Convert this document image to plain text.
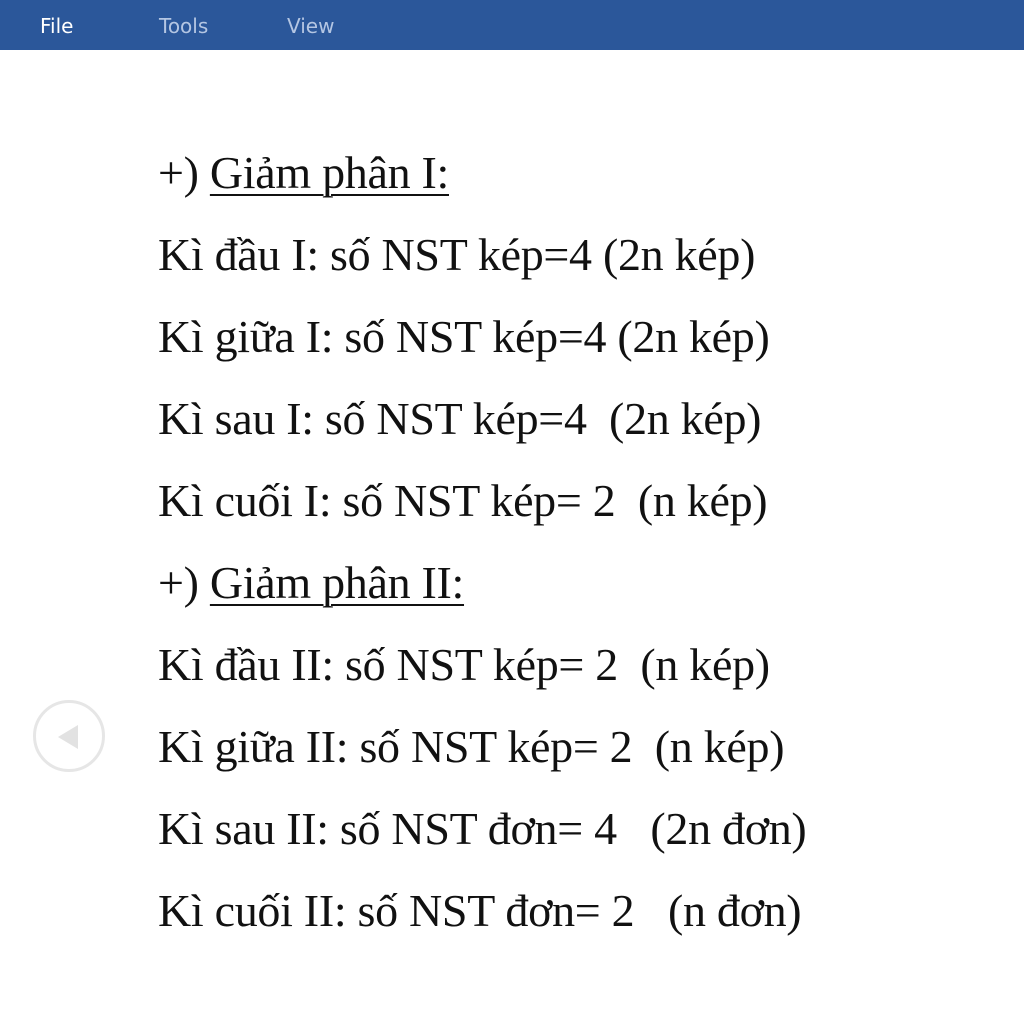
File	Tools	View
+) Giảm phân I:
Kì đầu I: số NST kép=4 (2n kép)
Kì giữa I: số NST kép=4 (2n kép)
Kì sau I: số NST kép=4  (2n kép)
Kì cuối I: số NST kép= 2  (n kép)
+) Giảm phân II:
Kì đầu II: số NST kép= 2  (n kép)
Kì giữa II: số NST kép= 2  (n kép)
Kì sau II: số NST đơn= 4   (2n đơn)
Kì cuối II: số NST đơn= 2   (n đơn)
